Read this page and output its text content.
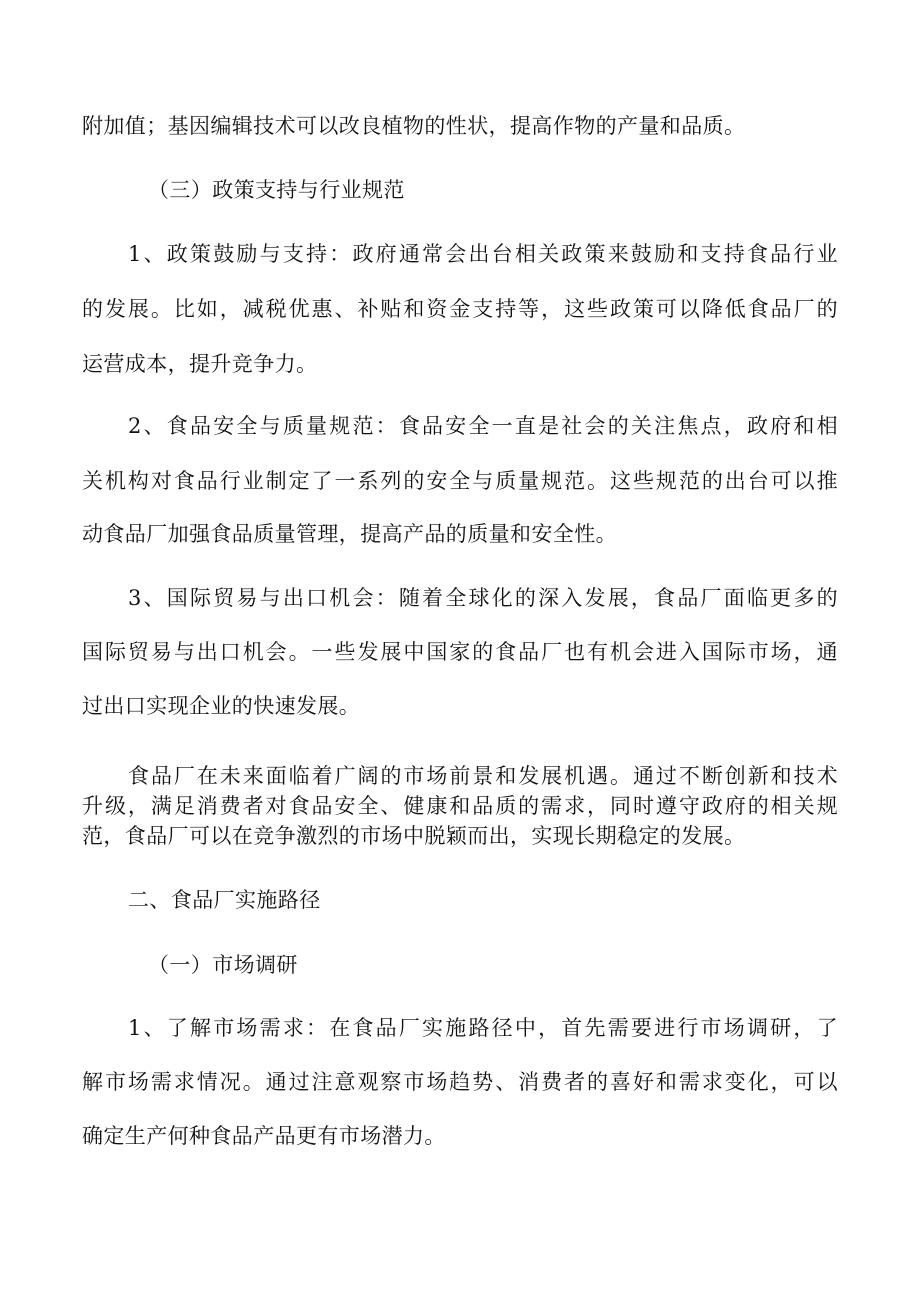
附加值；基因编辑技术可以改良植物的性状，提高作物的产量和品质。
（三）政策支持与行业规范
1、政策鼓励与支持：政府通常会出台相关政策来鼓励和支持食品行业
的发展。比如，减税优惠、补贴和资金支持等，这些政策可以降低食品厂的
运营成本，提升竞争力。
2、食品安全与质量规范：食品安全一直是社会的关注焦点，政府和相
关机构对食品行业制定了一系列的安全与质量规范。这些规范的出台可以推
动食品厂加强食品质量管理，提高产品的质量和安全性。
3、国际贸易与出口机会：随着全球化的深入发展，食品厂面临更多的
国际贸易与出口机会。一些发展中国家的食品厂也有机会进入国际市场，通
过出口实现企业的快速发展。
食品厂在未来面临着广阔的市场前景和发展机遇。通过不断创新和技术
升级，满足消费者对食品安全、健康和品质的需求，同时遵守政府的相关规
范，食品厂可以在竞争激烈的市场中脱颖而出，实现长期稳定的发展。
二、食品厂实施路径
（一）市场调研
1、了解市场需求：在食品厂实施路径中，首先需要进行市场调研，了
解市场需求情况。通过注意观察市场趋势、消费者的喜好和需求变化，可以
确定生产何种食品产品更有市场潜力。
